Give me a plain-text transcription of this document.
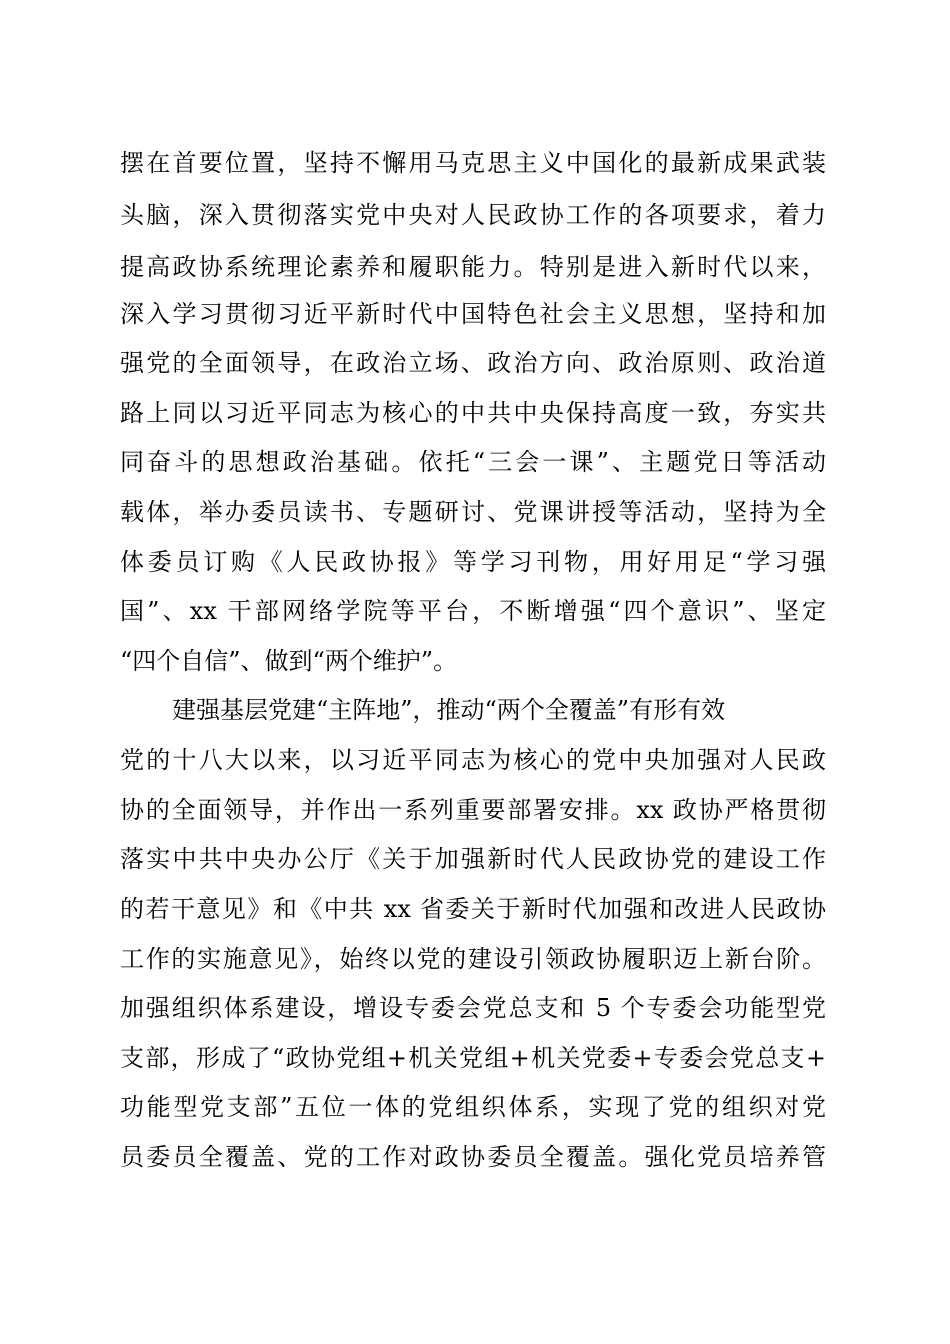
摆在首要位置，坚持不懈用马克思主义中国化的最新成果武装
头脑，深入贯彻落实党中央对人民政协工作的各项要求，着力
提高政协系统理论素养和履职能力。特别是进入新时代以来，
深入学习贯彻习近平新时代中国特色社会主义思想，坚持和加
强党的全面领导，在政治立场、政治方向、政治原则、政治道
路上同以习近平同志为核心的中共中央保持高度一致，夯实共
同奋斗的思想政治基础。依托“三会一课”、主题党日等活动
载体，举办委员读书、专题研讨、党课讲授等活动，坚持为全
体委员订购《人民政协报》等学习刊物，用好用足“学习强
国”、xx 干部网络学院等平台，不断增强“四个意识”、坚定
“四个自信”、做到“两个维护”。
建强基层党建“主阵地”，推动“两个全覆盖”有形有效
党的十八大以来，以习近平同志为核心的党中央加强对人民政
协的全面领导，并作出一系列重要部署安排。xx 政协严格贯彻
落实中共中央办公厅《关于加强新时代人民政协党的建设工作
的若干意见》和《中共 xx 省委关于新时代加强和改进人民政协
工作的实施意见》，始终以党的建设引领政协履职迈上新台阶。
加强组织体系建设，增设专委会党总支和 5 个专委会功能型党
支部，形成了“政协党组+机关党组+机关党委+专委会党总支+
功能型党支部”五位一体的党组织体系，实现了党的组织对党
员委员全覆盖、党的工作对政协委员全覆盖。强化党员培养管
